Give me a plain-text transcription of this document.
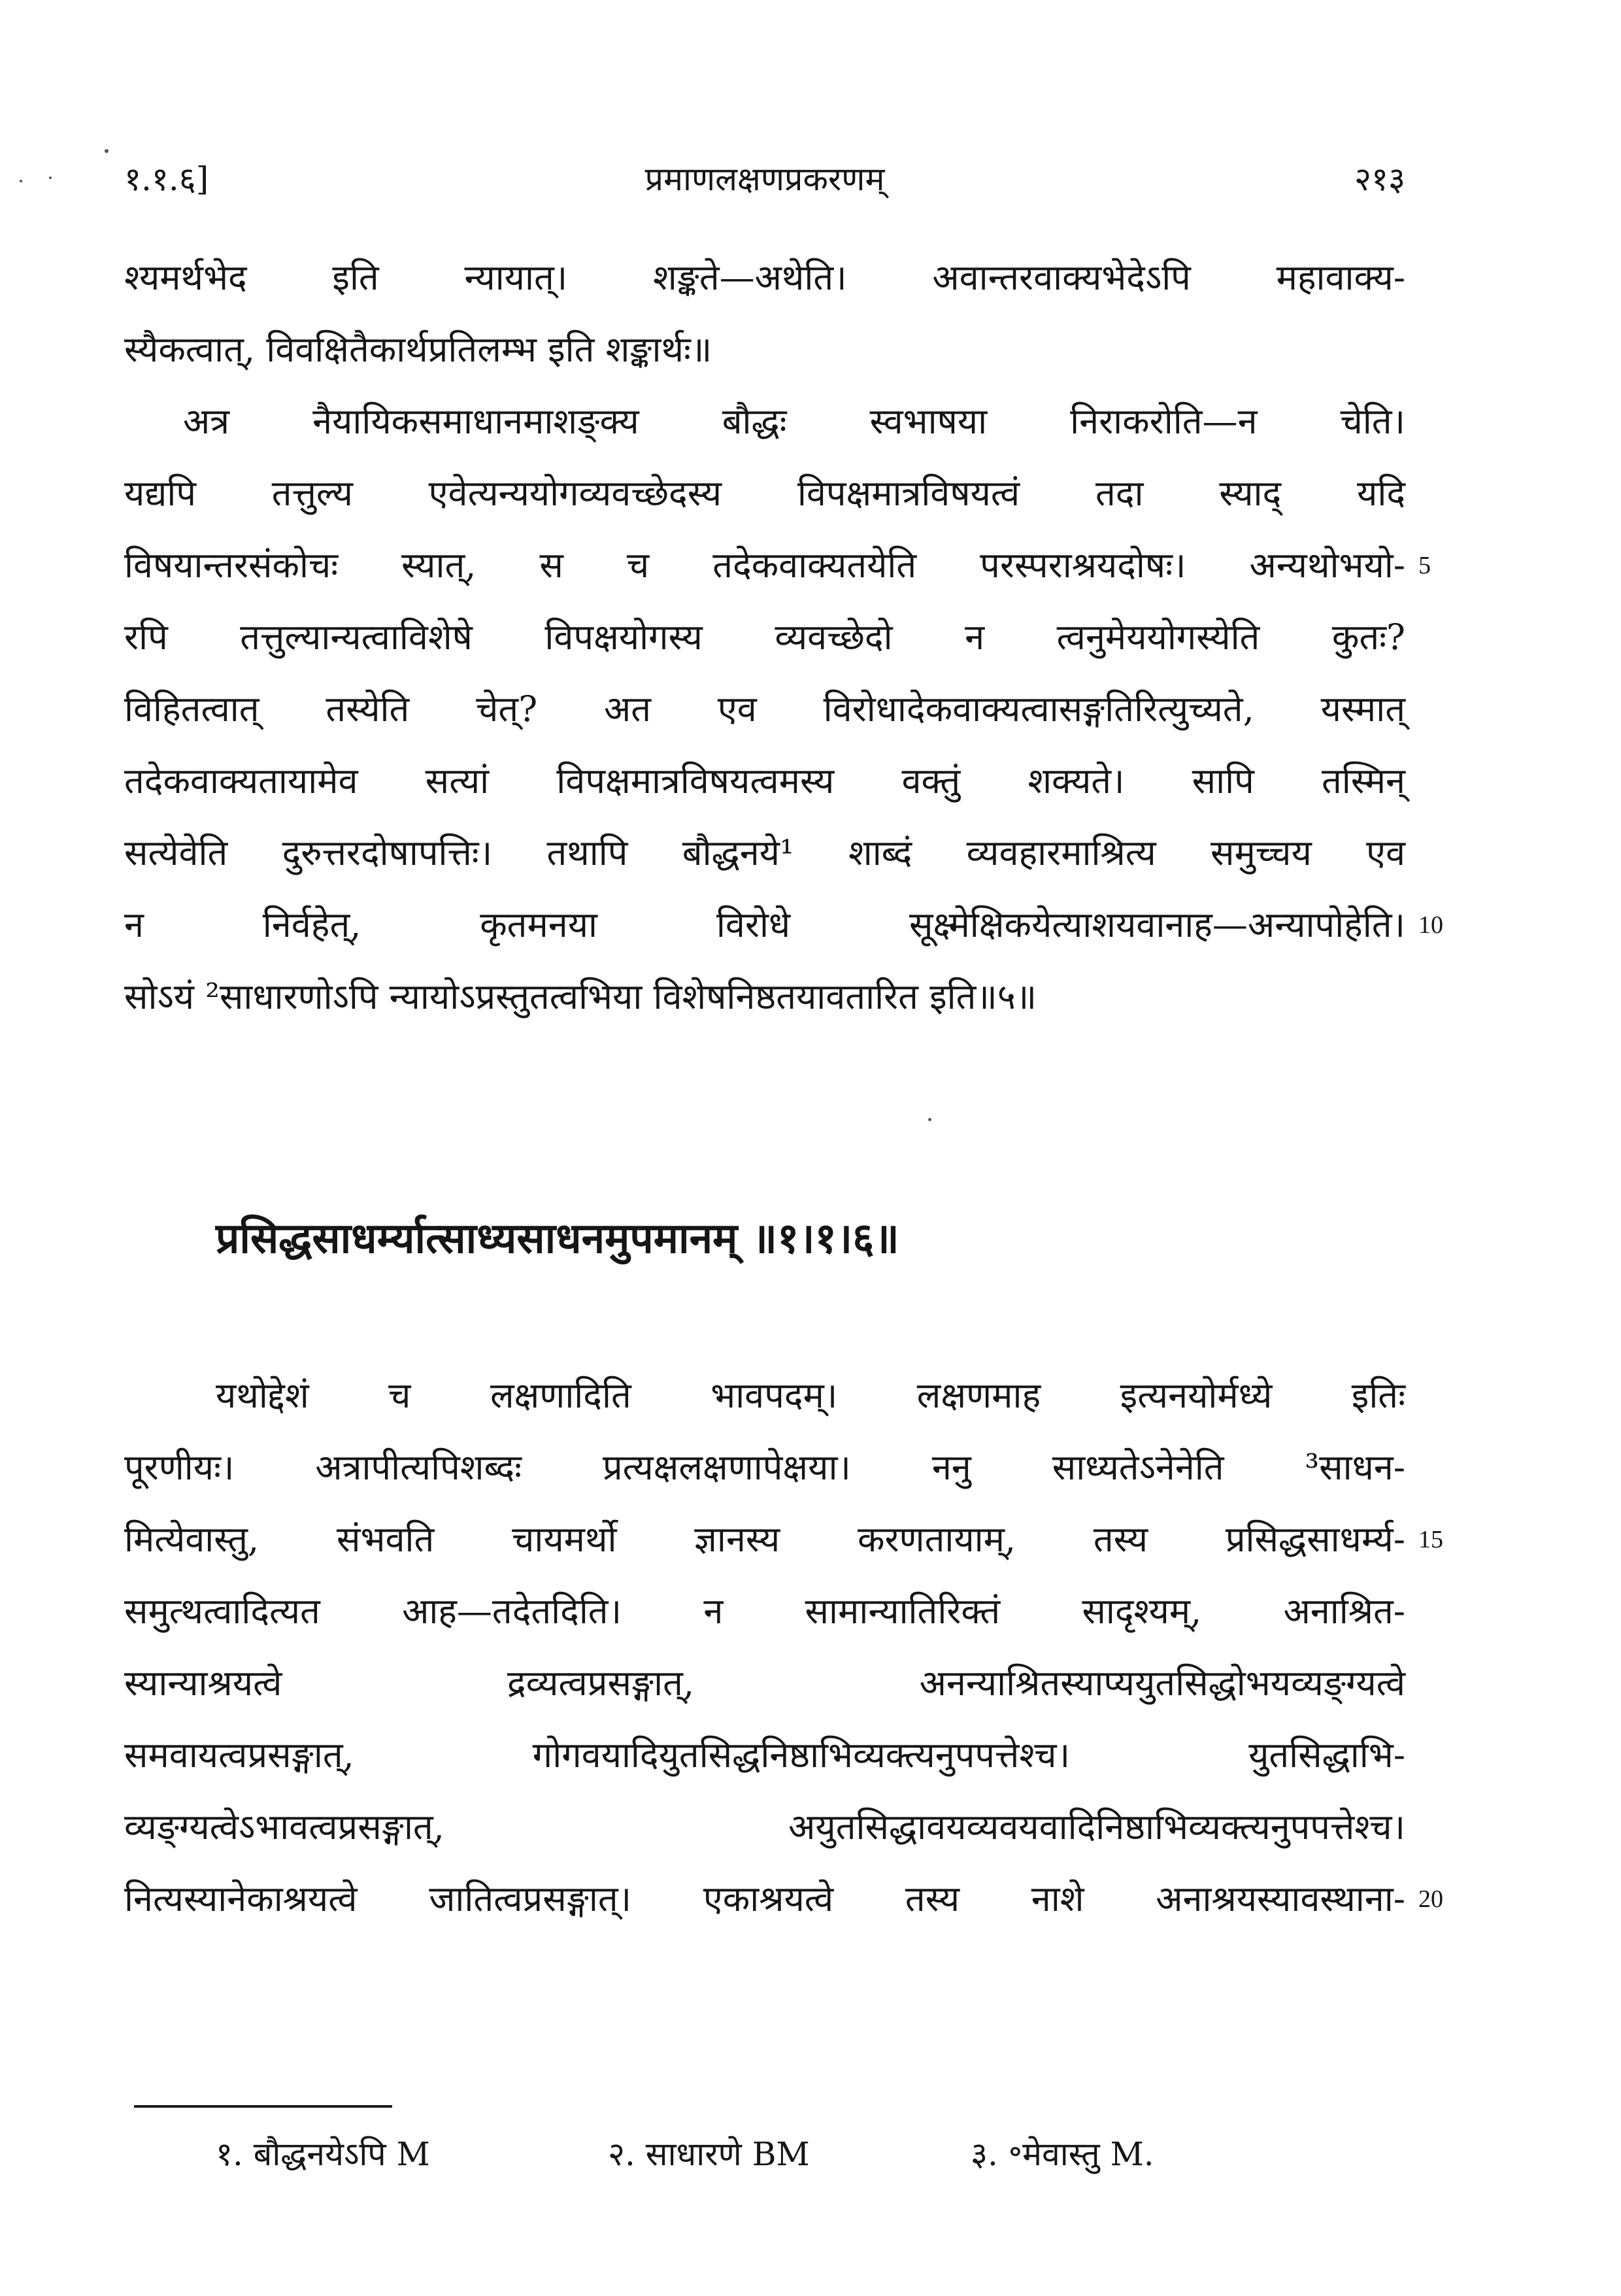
१.१.६]	प्रमाणलक्षणप्रकरणम्	२१३
श्यमर्थभेद इति न्यायात्। शङ्कते—अथेति। अवान्तरवाक्यभेदेऽपि महावाक्य-
स्यैकत्वात्, विवक्षितैकार्थप्रतिलम्भ इति शङ्कार्थः॥
अत्र नैयायिकसमाधानमाशङ्क्य बौद्धः स्वभाषया निराकरोति—न चेति।
यद्यपि तत्तुल्य एवेत्यन्ययोगव्यवच्छेदस्य विपक्षमात्रविषयत्वं तदा स्याद् यदि
विषयान्तरसंकोचः स्यात्, स च तदेकवाक्यतयेति परस्पराश्रयदोषः। अन्यथोभयो-
रपि तत्तुल्यान्यत्वाविशेषे विपक्षयोगस्य व्यवच्छेदो न त्वनुमेययोगस्येति कुतः?
विहितत्वात् तस्येति चेत्? अत एव विरोधादेकवाक्यत्वासङ्गतिरित्युच्यते, यस्मात्
तदेकवाक्यतायामेव सत्यां विपक्षमात्रविषयत्वमस्य वक्तुं शक्यते। सापि तस्मिन्
सत्येवेति दुरुत्तरदोषापत्तिः। तथापि बौद्धनये¹ शाब्दं व्यवहारमाश्रित्य समुच्चय एव
न निर्वहेत्, कृतमनया विरोधे सूक्ष्मेक्षिकयेत्याशयवानाह—अन्यापोहेति।
सोऽयं ²साधारणोऽपि न्यायोऽप्रस्तुतत्वभिया विशेषनिष्ठतयावतारित इति॥५॥
प्रसिद्धसाधर्म्यात्साध्यसाधनमुपमानम् ॥१।१।६॥
यथोद्देशं च लक्षणादिति भावपदम्। लक्षणमाह इत्यनयोर्मध्ये इतिः
पूरणीयः। अत्रापीत्यपिशब्दः प्रत्यक्षलक्षणापेक्षया। ननु साध्यतेऽनेनेति ³साधन-
मित्येवास्तु, संभवति चायमर्थो ज्ञानस्य करणतायाम्, तस्य प्रसिद्धसाधर्म्य-
समुत्थत्वादित्यत आह—तदेतदिति। न सामान्यातिरिक्तं सादृश्यम्, अनाश्रित-
स्यान्याश्रयत्वे द्रव्यत्वप्रसङ्गात्, अनन्याश्रितस्याप्ययुतसिद्धोभयव्यङ्ग्यत्वे
समवायत्वप्रसङ्गात्, गोगवयादियुतसिद्धनिष्ठाभिव्यक्त्यनुपपत्तेश्च। युतसिद्धाभि-
व्यङ्ग्यत्वेऽभावत्वप्रसङ्गात्, अयुतसिद्धावयव्यवयवादिनिष्ठाभिव्यक्त्यनुपपत्तेश्च।
नित्यस्यानेकाश्रयत्वे जातित्वप्रसङ्गात्। एकाश्रयत्वे तस्य नाशे अनाश्रयस्यावस्थाना-
5
10
15
20
१. बौद्धनयेऽपि M	२. साधारणे BM	३. ॰मेवास्तु M.
